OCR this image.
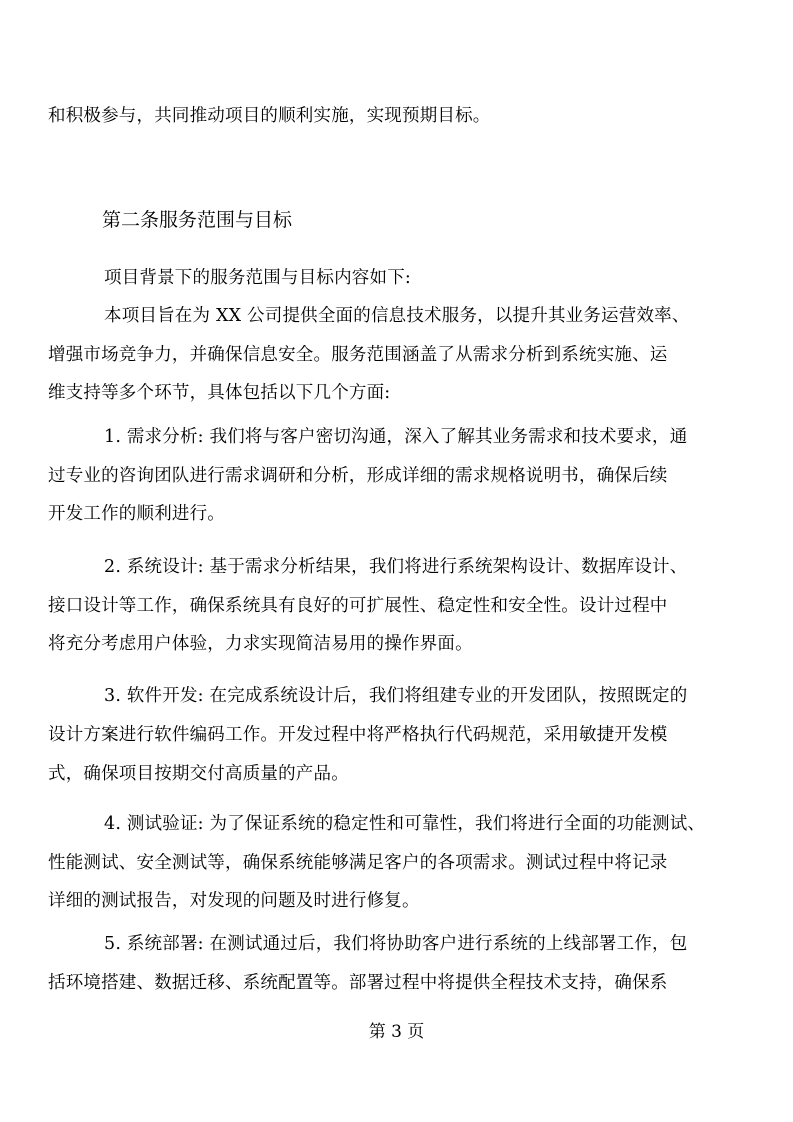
和积极参与，共同推动项目的顺利实施，实现预期目标。
第二条服务范围与目标
项目背景下的服务范围与目标内容如下:
本项目旨在为 XX 公司提供全面的信息技术服务，以提升其业务运营效率、
增强市场竞争力，并确保信息安全。服务范围涵盖了从需求分析到系统实施、运
维支持等多个环节，具体包括以下几个方面:
1. 需求分析: 我们将与客户密切沟通，深入了解其业务需求和技术要求，通
过专业的咨询团队进行需求调研和分析，形成详细的需求规格说明书，确保后续
开发工作的顺利进行。
2. 系统设计: 基于需求分析结果，我们将进行系统架构设计、数据库设计、
接口设计等工作，确保系统具有良好的可扩展性、稳定性和安全性。设计过程中
将充分考虑用户体验，力求实现简洁易用的操作界面。
3. 软件开发: 在完成系统设计后，我们将组建专业的开发团队，按照既定的
设计方案进行软件编码工作。开发过程中将严格执行代码规范，采用敏捷开发模
式，确保项目按期交付高质量的产品。
4. 测试验证: 为了保证系统的稳定性和可靠性，我们将进行全面的功能测试、
性能测试、安全测试等，确保系统能够满足客户的各项需求。测试过程中将记录
详细的测试报告，对发现的问题及时进行修复。
5. 系统部署: 在测试通过后，我们将协助客户进行系统的上线部署工作，包
括环境搭建、数据迁移、系统配置等。部署过程中将提供全程技术支持，确保系
第 3 页
